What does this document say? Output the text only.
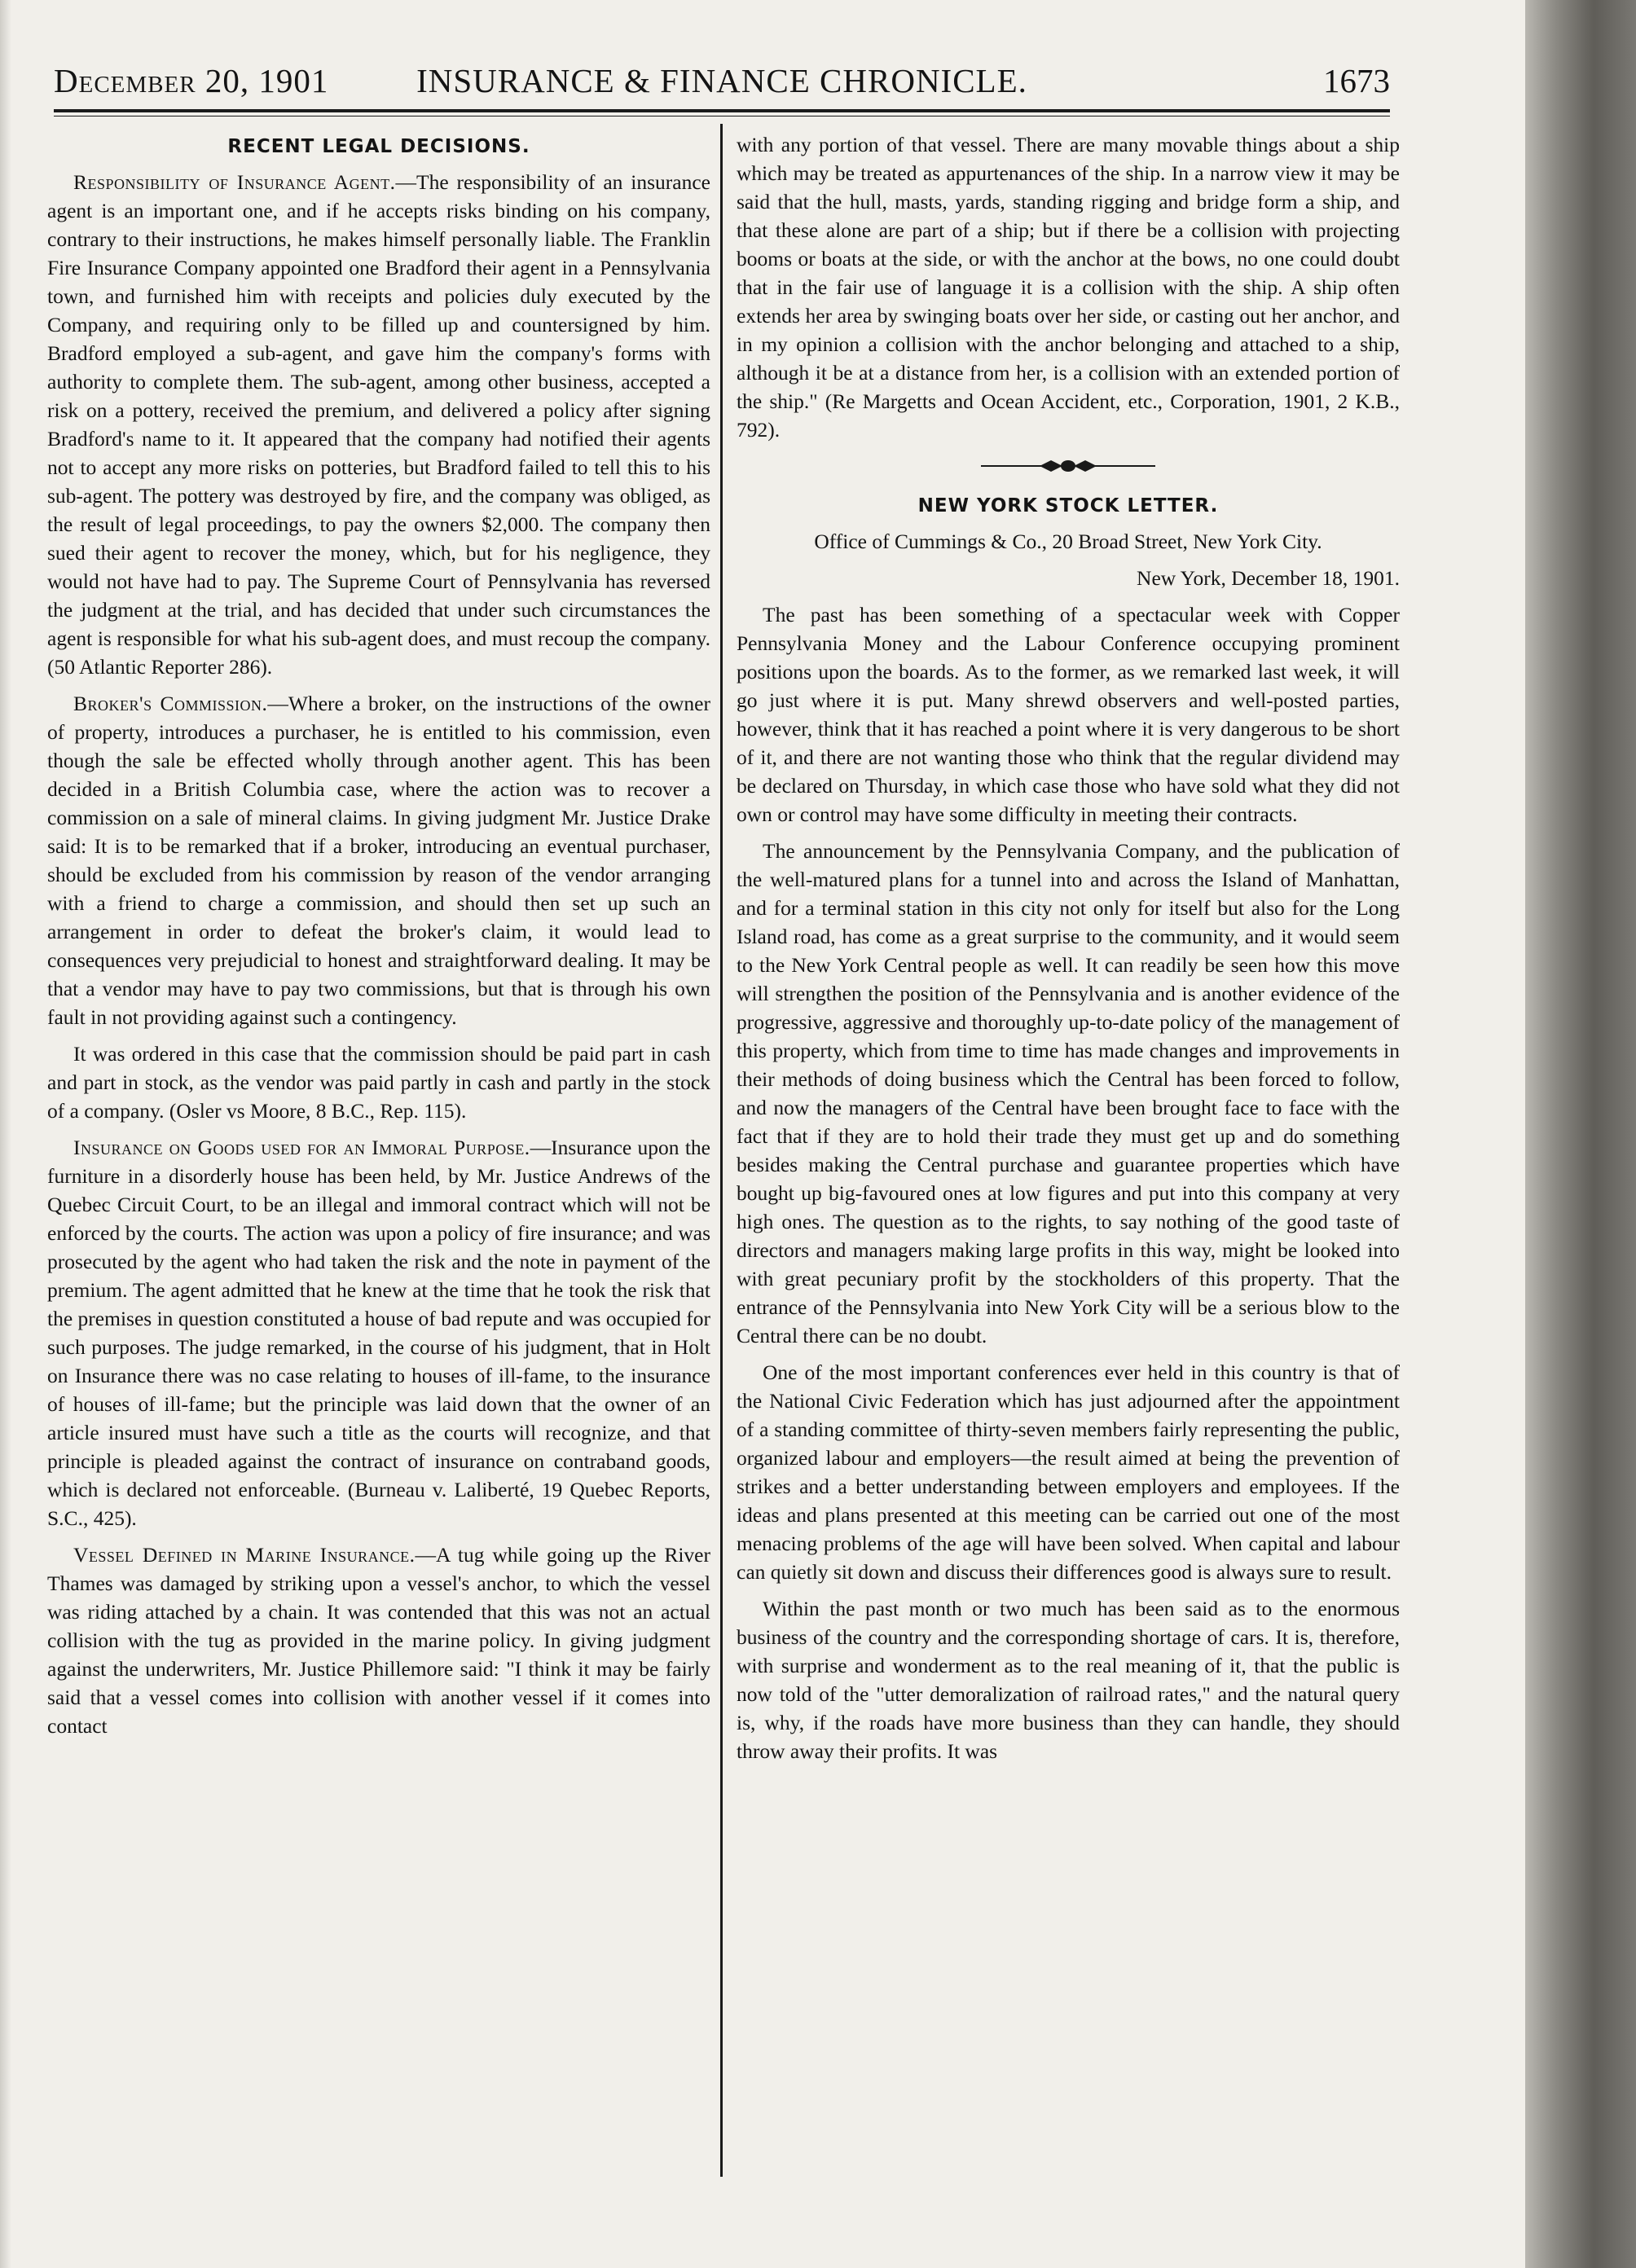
December 20, 1901	INSURANCE & FINANCE CHRONICLE.	1673
RECENT LEGAL DECISIONS.

Responsibility of Insurance Agent.—The responsibility of an insurance agent is an important one, and if he accepts risks binding on his company, contrary to their instructions, he makes himself personally liable. The Franklin Fire Insurance Company appointed one Bradford their agent in a Pennsylvania town, and furnished him with receipts and policies duly executed by the Company, and requiring only to be filled up and countersigned by him. Bradford employed a sub-agent, and gave him the company's forms with authority to complete them. The sub-agent, among other business, accepted a risk on a pottery, received the premium, and delivered a policy after signing Bradford's name to it. It appeared that the company had notified their agents not to accept any more risks on potteries, but Bradford failed to tell this to his sub-agent. The pottery was destroyed by fire, and the company was obliged, as the result of legal proceedings, to pay the owners $2,000. The company then sued their agent to recover the money, which, but for his negligence, they would not have had to pay. The Supreme Court of Pennsylvania has reversed the judgment at the trial, and has decided that under such circumstances the agent is responsible for what his sub-agent does, and must recoup the company. (50 Atlantic Reporter 286).

Broker's Commission.—Where a broker, on the instructions of the owner of property, introduces a purchaser, he is entitled to his commission, even though the sale be effected wholly through another agent. This has been decided in a British Columbia case, where the action was to recover a commission on a sale of mineral claims. In giving judgment Mr. Justice Drake said: It is to be remarked that if a broker, introducing an eventual purchaser, should be excluded from his commission by reason of the vendor arranging with a friend to charge a commission, and should then set up such an arrangement in order to defeat the broker's claim, it would lead to consequences very prejudicial to honest and straightforward dealing. It may be that a vendor may have to pay two commissions, but that is through his own fault in not providing against such a contingency.

It was ordered in this case that the commission should be paid part in cash and part in stock, as the vendor was paid partly in cash and partly in the stock of a company. (Osler vs Moore, 8 B.C., Rep. 115).

Insurance on Goods used for an Immoral Purpose.—Insurance upon the furniture in a disorderly house has been held, by Mr. Justice Andrews of the Quebec Circuit Court, to be an illegal and immoral contract which will not be enforced by the courts. The action was upon a policy of fire insurance; and was prosecuted by the agent who had taken the risk and the note in payment of the premium. The agent admitted that he knew at the time that he took the risk that the premises in question constituted a house of bad repute and was occupied for such purposes. The judge remarked, in the course of his judgment, that in Holt on Insurance there was no case relating to houses of ill-fame, to the insurance of houses of ill-fame; but the principle was laid down that the owner of an article insured must have such a title as the courts will recognize, and that principle is pleaded against the contract of insurance on contraband goods, which is declared not enforceable. (Burneau v. Laliberté, 19 Quebec Reports, S.C., 425).

Vessel Defined in Marine Insurance.—A tug while going up the River Thames was damaged by striking upon a vessel's anchor, to which the vessel was riding attached by a chain. It was contended that this was not an actual collision with the tug as provided in the marine policy. In giving judgment against the underwriters, Mr. Justice Phillemore said: "I think it may be fairly said that a vessel comes into collision with another vessel if it comes into contact

with any portion of that vessel. There are many movable things about a ship which may be treated as appurtenances of the ship. In a narrow view it may be said that the hull, masts, yards, standing rigging and bridge form a ship, and that these alone are part of a ship; but if there be a collision with projecting booms or boats at the side, or with the anchor at the bows, no one could doubt that in the fair use of language it is a collision with the ship. A ship often extends her area by swinging boats over her side, or casting out her anchor, and in my opinion a collision with the anchor belonging and attached to a ship, although it be at a distance from her, is a collision with an extended portion of the ship." (Re Margetts and Ocean Accident, etc., Corporation, 1901, 2 K.B., 792).

NEW YORK STOCK LETTER.

Office of Cummings & Co., 20 Broad Street, New York City.

New York, December 18, 1901.

The past has been something of a spectacular week with Copper Pennsylvania Money and the Labour Conference occupying prominent positions upon the boards. As to the former, as we remarked last week, it will go just where it is put. Many shrewd observers and well-posted parties, however, think that it has reached a point where it is very dangerous to be short of it, and there are not wanting those who think that the regular dividend may be declared on Thursday, in which case those who have sold what they did not own or control may have some difficulty in meeting their contracts.

The announcement by the Pennsylvania Company, and the publication of the well-matured plans for a tunnel into and across the Island of Manhattan, and for a terminal station in this city not only for itself but also for the Long Island road, has come as a great surprise to the community, and it would seem to the New York Central people as well. It can readily be seen how this move will strengthen the position of the Pennsylvania and is another evidence of the progressive, aggressive and thoroughly up-to-date policy of the management of this property, which from time to time has made changes and improvements in their methods of doing business which the Central has been forced to follow, and now the managers of the Central have been brought face to face with the fact that if they are to hold their trade they must get up and do something besides making the Central purchase and guarantee properties which have bought up big-favoured ones at low figures and put into this company at very high ones. The question as to the rights, to say nothing of the good taste of directors and managers making large profits in this way, might be looked into with great pecuniary profit by the stockholders of this property. That the entrance of the Pennsylvania into New York City will be a serious blow to the Central there can be no doubt.

One of the most important conferences ever held in this country is that of the National Civic Federation which has just adjourned after the appointment of a standing committee of thirty-seven members fairly representing the public, organized labour and employers—the result aimed at being the prevention of strikes and a better understanding between employers and employees. If the ideas and plans presented at this meeting can be carried out one of the most menacing problems of the age will have been solved. When capital and labour can quietly sit down and discuss their differences good is always sure to result.

Within the past month or two much has been said as to the enormous business of the country and the corresponding shortage of cars. It is, therefore, with surprise and wonderment as to the real meaning of it, that the public is now told of the "utter demoralization of railroad rates," and the natural query is, why, if the roads have more business than they can handle, they should throw away their profits. It was
